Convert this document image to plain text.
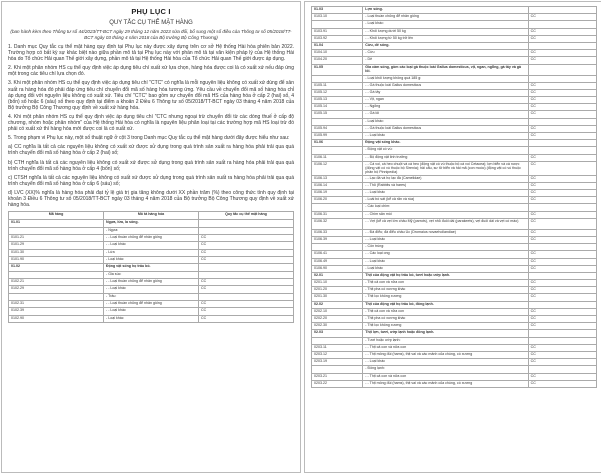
PHỤ LỤC I
QUY TẮC CỤ THỂ MẶT HÀNG
(ban hành kèm theo Thông tư số 44/2023/TT-BCT ngày 29 tháng 12 năm 2023 sửa đổi, bổ sung một số điều của Thông tư số 05/2018/TT-BCT ngày 03 tháng 4 năm 2018 của Bộ trưởng Bộ Công Thương)
1. Danh mục Quy tắc cụ thể mặt hàng quy định tại Phụ lục này được xây dựng trên cơ sở Hệ thống Hài hòa phiên bản 2022. Trường hợp có bất kỳ sự khác biệt nào giữa phần mô tả tại Phụ lục này với phần mô tả tại văn kiện pháp lý của Hệ thống Hài hòa do Tổ chức Hải quan Thế giới xây dựng, phần mô tả tại Hệ thống Hài hòa của Tổ chức Hải quan Thế giới được áp dụng.
2. Khi một phân nhóm HS cụ thể quy định việc áp dụng tiêu chí xuất xứ lựa chọn, hàng hóa được coi là có xuất xứ nếu đáp ứng một trong các tiêu chí lựa chọn đó.
3. Khi một phân nhóm HS cụ thể quy định việc áp dụng tiêu chí "CTC" có nghĩa là mỗi nguyên liệu không có xuất xứ dùng để sản xuất ra hàng hóa đó phải đáp ứng tiêu chí chuyển đổi mã số hàng hóa tương ứng. Yêu cầu về chuyển đổi mã số hàng hóa chỉ áp dụng đối với nguyên liệu không có xuất xứ. Tiêu chí "CTC" bao gồm sự chuyển đổi mã HS của hàng hóa ở cấp 2 (hai) số, 4 (bốn) số hoặc 6 (sáu) số theo quy định tại điểm a khoản 2 Điều 6 Thông tư số 05/2018/TT-BCT ngày 03 tháng 4 năm 2018 của Bộ trưởng Bộ Công Thương quy định về xuất xứ hàng hóa.
4. Khi một phân nhóm HS cụ thể quy định việc áp dụng tiêu chí "CTC nhưng ngoại trừ chuyển đổi từ các dòng thuế ở cấp độ chương, nhóm hoặc phân nhóm" của Hệ thống Hài hòa có nghĩa là nguyên liệu phân loại tại các trường hợp mã HS loại trừ đó phải có xuất xứ thì hàng hóa mới được coi là có xuất xứ.
5. Trong phạm vi Phụ lục này, một số thuật ngữ ở cột 3 trong Danh mục Quy tắc cụ thể mặt hàng dưới đây được hiểu như sau:
a) CC nghĩa là tất cả các nguyên liệu không có xuất xứ được sử dụng trong quá trình sản xuất ra hàng hóa phải trải qua quá trình chuyển đổi mã số hàng hóa ở cấp 2 (hai) số;
b) CTH nghĩa là tất cả các nguyên liệu không có xuất xứ được sử dụng trong quá trình sản xuất ra hàng hóa phải trải qua quá trình chuyển đổi mã số hàng hóa ở cấp 4 (bốn) số;
c) CTSH nghĩa là tất cả các nguyên liệu không có xuất xứ được sử dụng trong quá trình sản xuất ra hàng hóa phải trải qua quá trình chuyển đổi mã số hàng hóa ở cấp 6 (sáu) số;
d) LVC (XX)% nghĩa là hàng hóa phải đạt tỷ lệ giá trị gia tăng không dưới XX phần trăm (%) theo công thức tính quy định tại khoản 3 Điều 6 Thông tư số 05/2018/TT-BCT ngày 03 tháng 4 năm 2018 của Bộ trưởng Bộ Công Thương quy định về xuất xứ hàng hóa.
Mã hàng	Mô tả hàng hóa	Quy tắc cụ thể mặt hàng
01.01	Ngựa, lừa, la sống.	
	- Ngựa:	
0101.21	- - Loại thuần chủng để nhân giống	CC
0101.29	- - Loại khác	CC
0101.30	- Lừa	CC
0101.90	- Loại khác	CC
01.02	Động vật sống họ trâu bò.	
	- Gia súc:	
0102.21	- - Loại thuần chủng để nhân giống	CC
0102.29	- - Loại khác	CC
	- Trâu:	
0102.31	- - Loại thuần chủng để nhân giống	CC
0102.39	- - Loại khác	CC
0102.90	- Loại khác	CC
01.03	Lợn sống.	
0103.10	- Loại thuần chủng để nhân giống	CC
	- Loại khác:	
0103.91	- - Khối lượng dưới 50 kg	CC
0103.92	- - Khối lượng từ 50 kg trở lên	CC
01.04	Cừu, dê sống.	
0104.10	- Cừu	CC
0104.20	- Dê	CC
01.05	Gia cầm sống, gồm các loại gà thuộc loài Gallus domesticus, vịt, ngan, ngỗng, gà tây và gà lôi.	
	- Loại khối lượng không quá 185 g:	
0105.11	- - Gà thuộc loài Gallus domesticus	CC
0105.12	- - Gà tây	CC
0105.13	- - Vịt, ngan	CC
0105.14	- - Ngỗng	CC
0105.15	- - Gà lôi	CC
	- Loại khác:	
0105.94	- - Gà thuộc loài Gallus domesticus	CC
0105.99	- - Loại khác	CC
01.06	Động vật sống khác.	
	- Động vật có vú:	
0106.11	- - Bộ động vật linh trưởng	CC
0106.12	- - Cá voi, cá heo chuột và cá heo (động vật có vú thuộc bộ cá voi Cetacea); lợn biển và cá nược (động vật có vú thuộc bộ Sirenia); hải cẩu, sư tử biển và hải mã (con moóc) (động vật có vú thuộc phân bộ Pinnipedia)	CC
0106.13	- - Lạc đà và họ lạc đà (Camelidae)	CC
0106.14	- - Thỏ (Rabbits và hares)	CC
0106.19	- - Loại khác	CC
0106.20	- Loài bò sát (kể cả rắn và rùa)	CC
	- Các loại chim:	
0106.31	- - Chim săn mồi	CC
0106.32	- - Vẹt (kể cả vẹt lớn châu Mỹ (parrots), vẹt nhỏ đuôi dài (parakeets), vẹt đuôi dài và vẹt có mào)	CC
0106.33	- - Đà điểu; đà điểu châu Úc (Dromaius novaehollandiae)	CC
0106.39	- - Loại khác	CC
	- Côn trùng:	
0106.41	- - Các loại ong	CC
0106.49	- - Loại khác	CC
0106.90	- Loại khác	CC
02.01	Thịt của động vật họ trâu bò, tươi hoặc ướp lạnh.	
0201.10	- Thịt cả con và nửa con	CC
0201.20	- Thịt pha có xương khác	CC
0201.30	- Thịt lọc không xương	CC
02.02	Thịt của động vật họ trâu bò, đông lạnh.	
0202.10	- Thịt cả con và nửa con	CC
0202.20	- Thịt pha có xương khác	CC
0202.30	- Thịt lọc không xương	CC
02.03	Thịt lợn, tươi, ướp lạnh hoặc đông lạnh.	
	- Tươi hoặc ướp lạnh:	
0203.11	- - Thịt cả con và nửa con	CC
0203.12	- - Thịt mông đùi (hams), thịt vai và các mảnh của chúng, có xương	CC
0203.19	- - Loại khác	CC
	- Đông lạnh:	
0203.21	- - Thịt cả con và nửa con	CC
0203.22	- - Thịt mông đùi (hams), thịt vai và các mảnh của chúng, có xương	CC
